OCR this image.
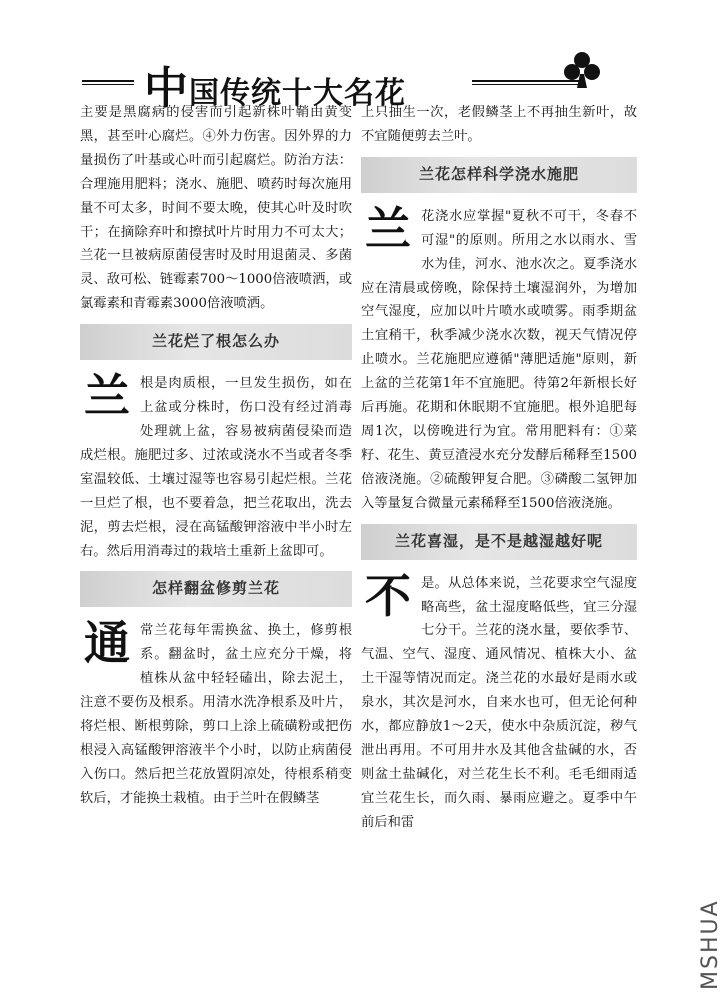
中国传统十大名花

主要是黑腐病的侵害而引起新株叶鞘由黄变黑，甚至叶心腐烂。④外力伤害。因外界的力量损伤了叶基或心叶而引起腐烂。防治方法：合理施用肥料；浇水、施肥、喷药时每次施用量不可太多，时间不要太晚，使其心叶及时吹干；在摘除弃叶和擦拭叶片时用力不可太大；兰花一旦被病原菌侵害时及时用退菌灵、多菌灵、敌可松、链霉素700～1000倍液喷洒，或氯霉素和青霉素3000倍液喷洒。

兰花烂了根怎么办

兰根是肉质根，一旦发生损伤，如在上盆或分株时，伤口没有经过消毒处理就上盆，容易被病菌侵染而造成烂根。施肥过多、过浓或浇水不当或者冬季室温较低、土壤过湿等也容易引起烂根。兰花一旦烂了根，也不要着急，把兰花取出，洗去泥，剪去烂根，浸在高锰酸钾溶液中半小时左右。然后用消毒过的栽培土重新上盆即可。

怎样翻盆修剪兰花

通常兰花每年需换盆、换土，修剪根系。翻盆时，盆土应充分干燥，将植株从盆中轻轻磕出，除去泥土，注意不要伤及根系。用清水洗净根系及叶片，将烂根、断根剪除，剪口上涂上硫磺粉或把伤根浸入高锰酸钾溶液半个小时，以防止病菌侵入伤口。然后把兰花放置阴凉处，待根系稍变软后，才能换土栽植。由于兰叶在假鳞茎

上只抽生一次，老假鳞茎上不再抽生新叶，故不宜随便剪去兰叶。

兰花怎样科学浇水施肥

兰花浇水应掌握"夏秋不可干，冬春不可湿"的原则。所用之水以雨水、雪水为佳，河水、池水次之。夏季浇水应在清晨或傍晚，除保持土壤湿润外，为增加空气湿度，应加以叶片喷水或喷雾。雨季期盆土宜稍干，秋季减少浇水次数，视天气情况停止喷水。兰花施肥应遵循"薄肥适施"原则，新上盆的兰花第1年不宜施肥。待第2年新根长好后再施。花期和休眠期不宜施肥。根外追肥每周1次，以傍晚进行为宜。常用肥料有：①菜籽、花生、黄豆渣浸水充分发酵后稀释至1500倍液浇施。②硫酸钾复合肥。③磷酸二氢钾加入等量复合微量元素稀释至1500倍液浇施。

兰花喜湿，是不是越湿越好呢

不是。从总体来说，兰花要求空气湿度略高些，盆土湿度略低些，宜三分湿七分干。兰花的浇水量，要依季节、气温、空气、湿度、通风情况、植株大小、盆土干湿等情况而定。浇兰花的水最好是雨水或泉水，其次是河水，自来水也可，但无论何种水，都应静放1～2天，使水中杂质沉淀，秽气泄出再用。不可用井水及其他含盐碱的水，否则盆土盐碱化，对兰花生长不利。毛毛细雨适宜兰花生长，而久雨、暴雨应避之。夏季中午前后和雷

MSHUA
